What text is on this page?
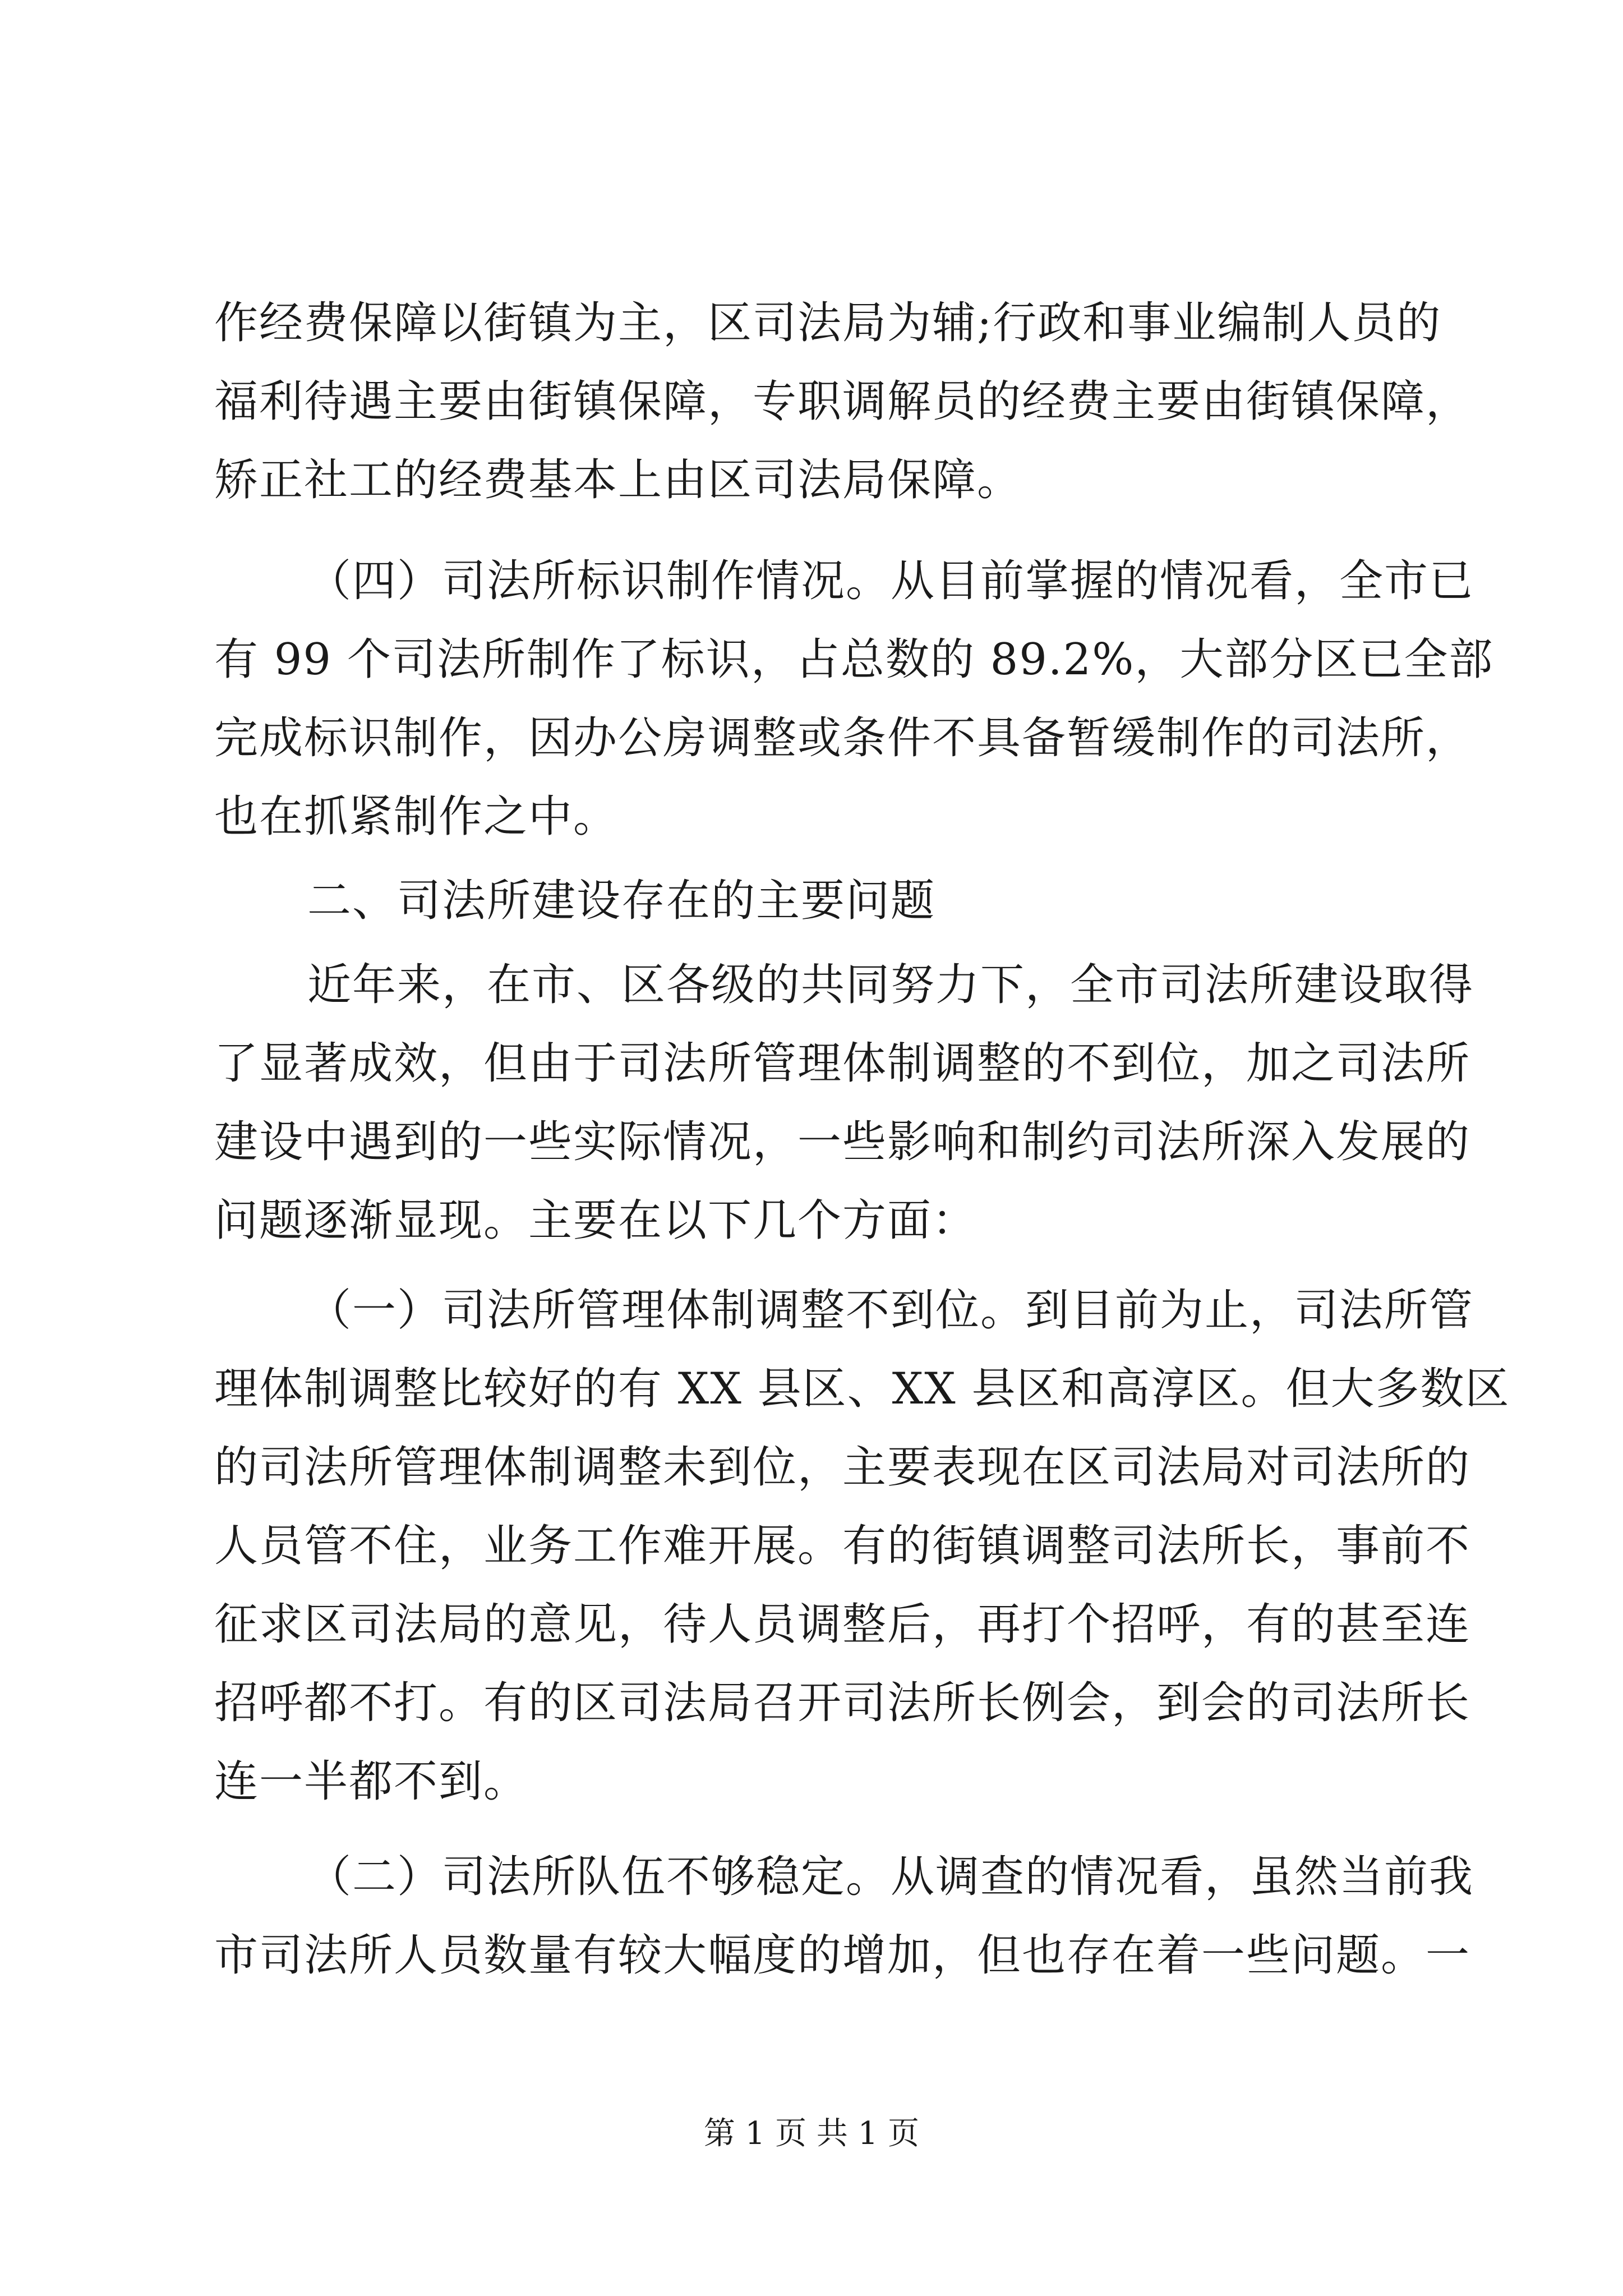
作经费保障以街镇为主，区司法局为辅;行政和事业编制人员的
福利待遇主要由街镇保障，专职调解员的经费主要由街镇保障，
矫正社工的经费基本上由区司法局保障。
（四）司法所标识制作情况。从目前掌握的情况看，全市已
有 99 个司法所制作了标识，占总数的 89.2%，大部分区已全部
完成标识制作，因办公房调整或条件不具备暂缓制作的司法所，
也在抓紧制作之中。
二、司法所建设存在的主要问题
近年来，在市、区各级的共同努力下，全市司法所建设取得
了显著成效，但由于司法所管理体制调整的不到位，加之司法所
建设中遇到的一些实际情况，一些影响和制约司法所深入发展的
问题逐渐显现。主要在以下几个方面：
（一）司法所管理体制调整不到位。到目前为止，司法所管
理体制调整比较好的有 XX 县区、XX 县区和高淳区。但大多数区
的司法所管理体制调整未到位，主要表现在区司法局对司法所的
人员管不住，业务工作难开展。有的街镇调整司法所长，事前不
征求区司法局的意见，待人员调整后，再打个招呼，有的甚至连
招呼都不打。有的区司法局召开司法所长例会，到会的司法所长
连一半都不到。
（二）司法所队伍不够稳定。从调查的情况看，虽然当前我
市司法所人员数量有较大幅度的增加，但也存在着一些问题。一
第 1 页 共 1 页
